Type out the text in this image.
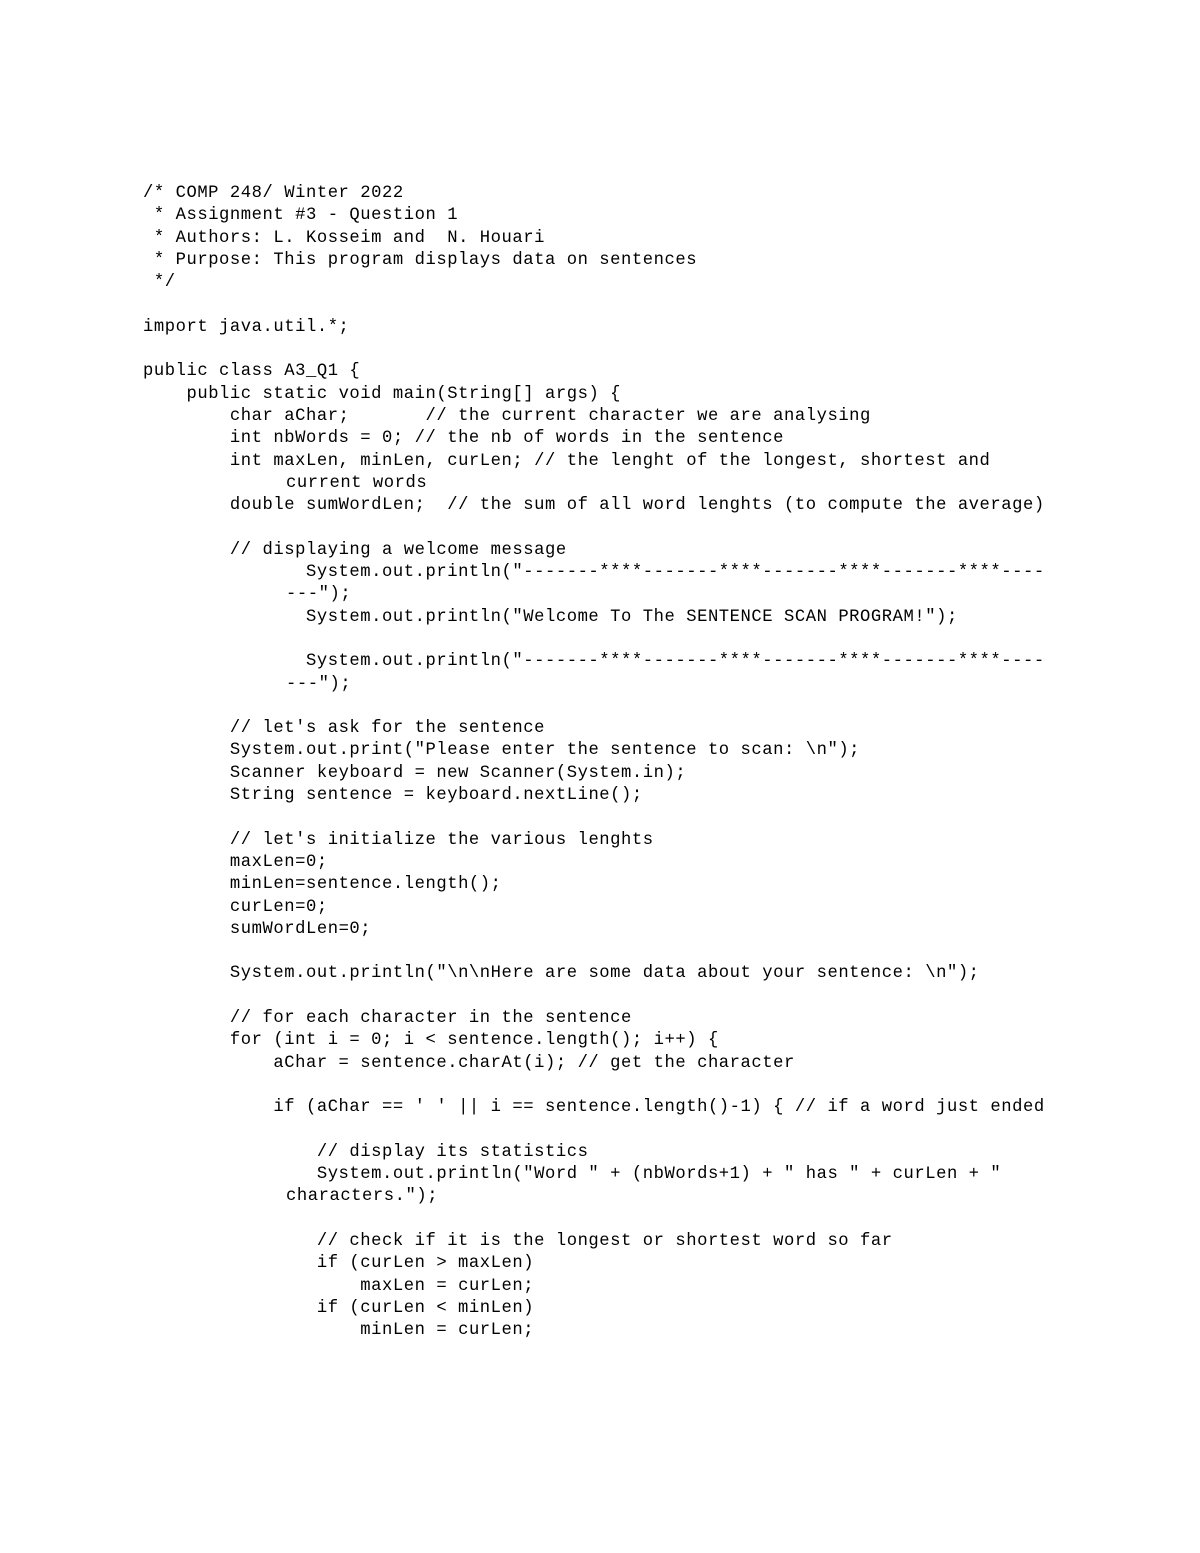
/* COMP 248/ Winter 2022
* Assignment #3 - Question 1
* Authors: L. Kosseim and  N. Houari
* Purpose: This program displays data on sentences
*/

import java.util.*;

public class A3_Q1 {
public static void main(String[] args) {
char aChar;       // the current character we are analysing
int nbWords = 0; // the nb of words in the sentence
int maxLen, minLen, curLen; // the lenght of the longest, shortest and current words
double sumWordLen;  // the sum of all word lenghts (to compute the average)

// displaying a welcome message
System.out.println("-------****-------****-------****-------****-------");
System.out.println("Welcome To The SENTENCE SCAN PROGRAM!");

System.out.println("-------****-------****-------****-------****-------");

// let's ask for the sentence
System.out.print("Please enter the sentence to scan: \n");
Scanner keyboard = new Scanner(System.in);
String sentence = keyboard.nextLine();

// let's initialize the various lenghts
maxLen=0;
minLen=sentence.length();
curLen=0;
sumWordLen=0;

System.out.println("\n\nHere are some data about your sentence: \n");

// for each character in the sentence
for (int i = 0; i < sentence.length(); i++) {
aChar = sentence.charAt(i); // get the character

if (aChar == ' ' || i == sentence.length()-1) { // if a word just ended

// display its statistics
System.out.println("Word " + (nbWords+1) + " has " + curLen + " characters.");

// check if it is the longest or shortest word so far
if (curLen > maxLen)
maxLen = curLen;
if (curLen < minLen)
minLen = curLen;
